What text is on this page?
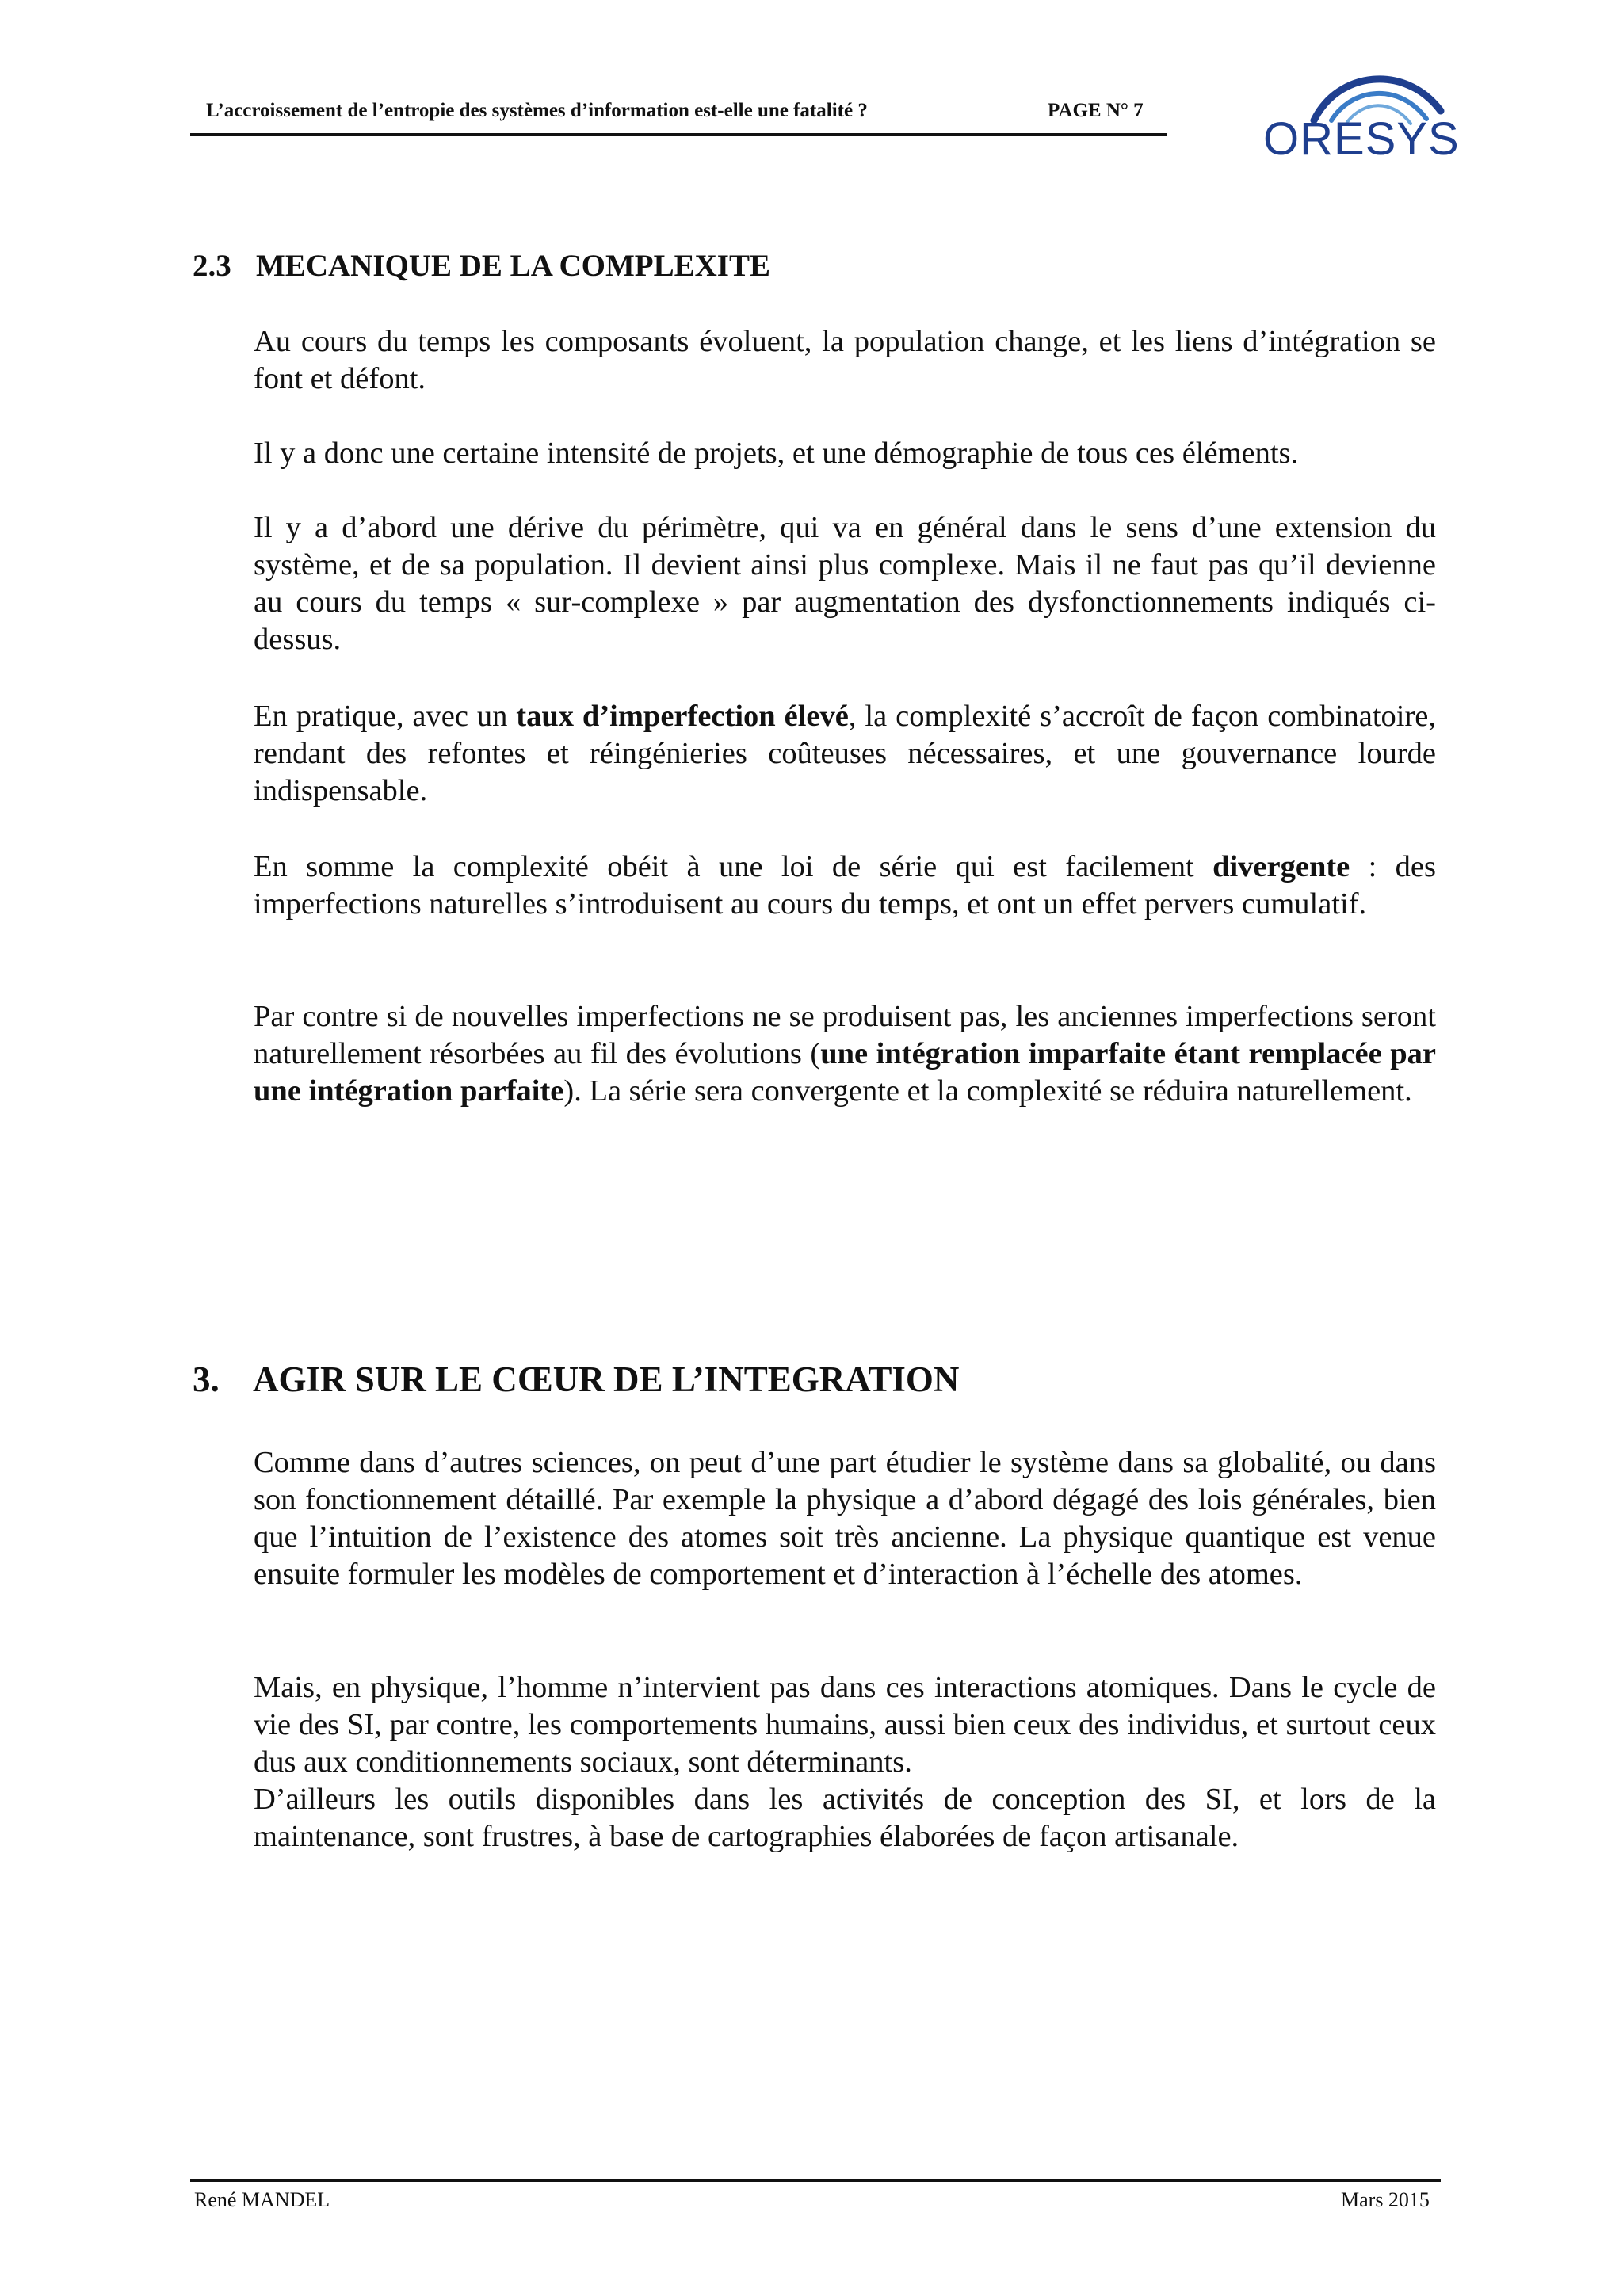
L’accroissement de l’entropie des systèmes d’information est-elle une fatalité ?	PAGE N° 7
ORESYS
2.3 MECANIQUE DE LA COMPLEXITE

Au cours du temps les composants évoluent, la population change, et les liens d’intégration se font et défont.

Il y a donc une certaine intensité de projets, et une démographie de tous ces éléments.

Il y a d’abord une dérive du périmètre, qui va en général dans le sens d’une extension du système, et de sa population. Il devient ainsi plus complexe. Mais il ne faut pas qu’il devienne au cours du temps « sur-complexe » par augmentation des dysfonctionnements indiqués ci-dessus.

En pratique, avec un taux d’imperfection élevé, la complexité s’accroît de façon combinatoire, rendant des refontes et réingénieries coûteuses nécessaires, et une gouvernance lourde indispensable.

En somme la complexité obéit à une loi de série qui est facilement divergente : des imperfections naturelles s’introduisent au cours du temps, et ont un effet pervers cumulatif.

Par contre si de nouvelles imperfections ne se produisent pas, les anciennes imperfections seront naturellement résorbées au fil des évolutions (une intégration imparfaite étant remplacée par une intégration parfaite). La série sera convergente et la complexité se réduira naturellement.

3. AGIR SUR LE CŒUR DE L’INTEGRATION

Comme dans d’autres sciences, on peut d’une part étudier le système dans sa globalité, ou dans son fonctionnement détaillé. Par exemple la physique a d’abord dégagé des lois générales, bien que l’intuition de l’existence des atomes soit très ancienne. La physique quantique est venue ensuite formuler les modèles de comportement et d’interaction à l’échelle des atomes.

Mais, en physique, l’homme n’intervient pas dans ces interactions atomiques. Dans le cycle de vie des SI, par contre, les comportements humains, aussi bien ceux des individus, et surtout ceux dus aux conditionnements sociaux, sont déterminants.

D’ailleurs les outils disponibles dans les activités de conception des SI, et lors de la maintenance, sont frustres, à base de cartographies élaborées de façon artisanale.

René MANDEL	Mars 2015
